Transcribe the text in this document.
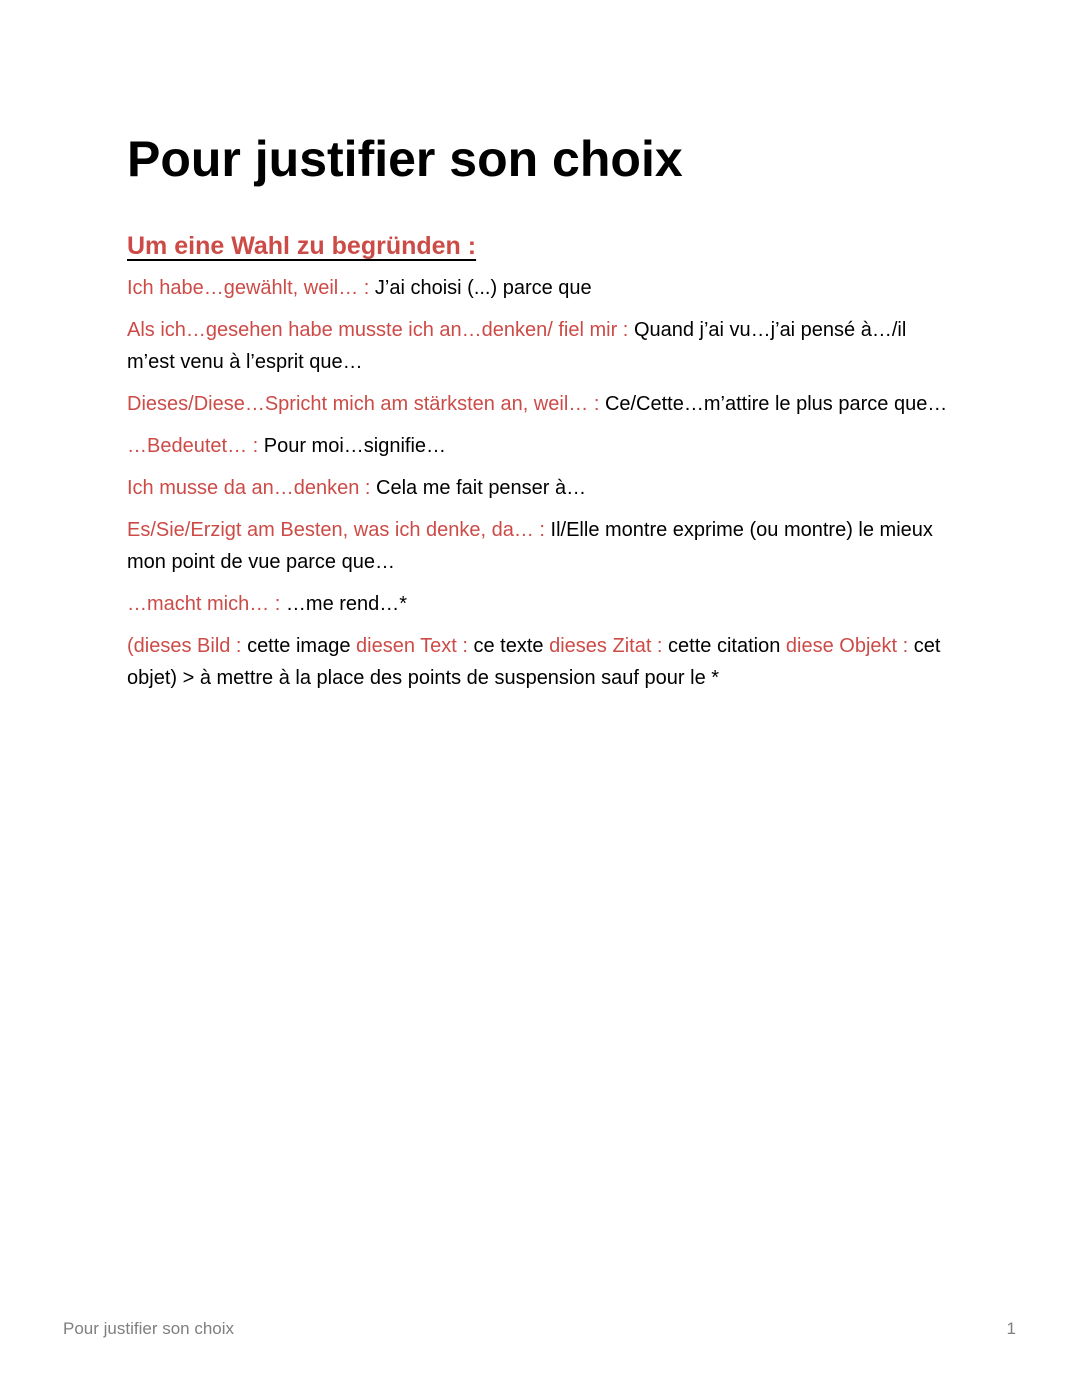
Pour justifier son choix
Um eine Wahl zu begründen :

Ich habe…gewählt, weil… : J’ai choisi (...) parce que

Als ich…gesehen habe musste ich an…denken/ fiel mir : Quand j’ai vu…j’ai pensé à…/il m’est venu à l’esprit que…

Dieses/Diese…Spricht mich am stärksten an, weil… : Ce/Cette…m’attire le plus parce que…

…Bedeutet… : Pour moi…signifie…

Ich musse da an…denken : Cela me fait penser à…

Es/Sie/Erzigt am Besten, was ich denke, da… : Il/Elle montre exprime (ou montre) le mieux mon point de vue parce que…

…macht mich… : …me rend…*

(dieses Bild : cette image diesen Text : ce texte dieses Zitat : cette citation diese Objekt : cet objet) > à mettre à la place des points de suspension sauf pour le *

Pour justifier son choix	1
